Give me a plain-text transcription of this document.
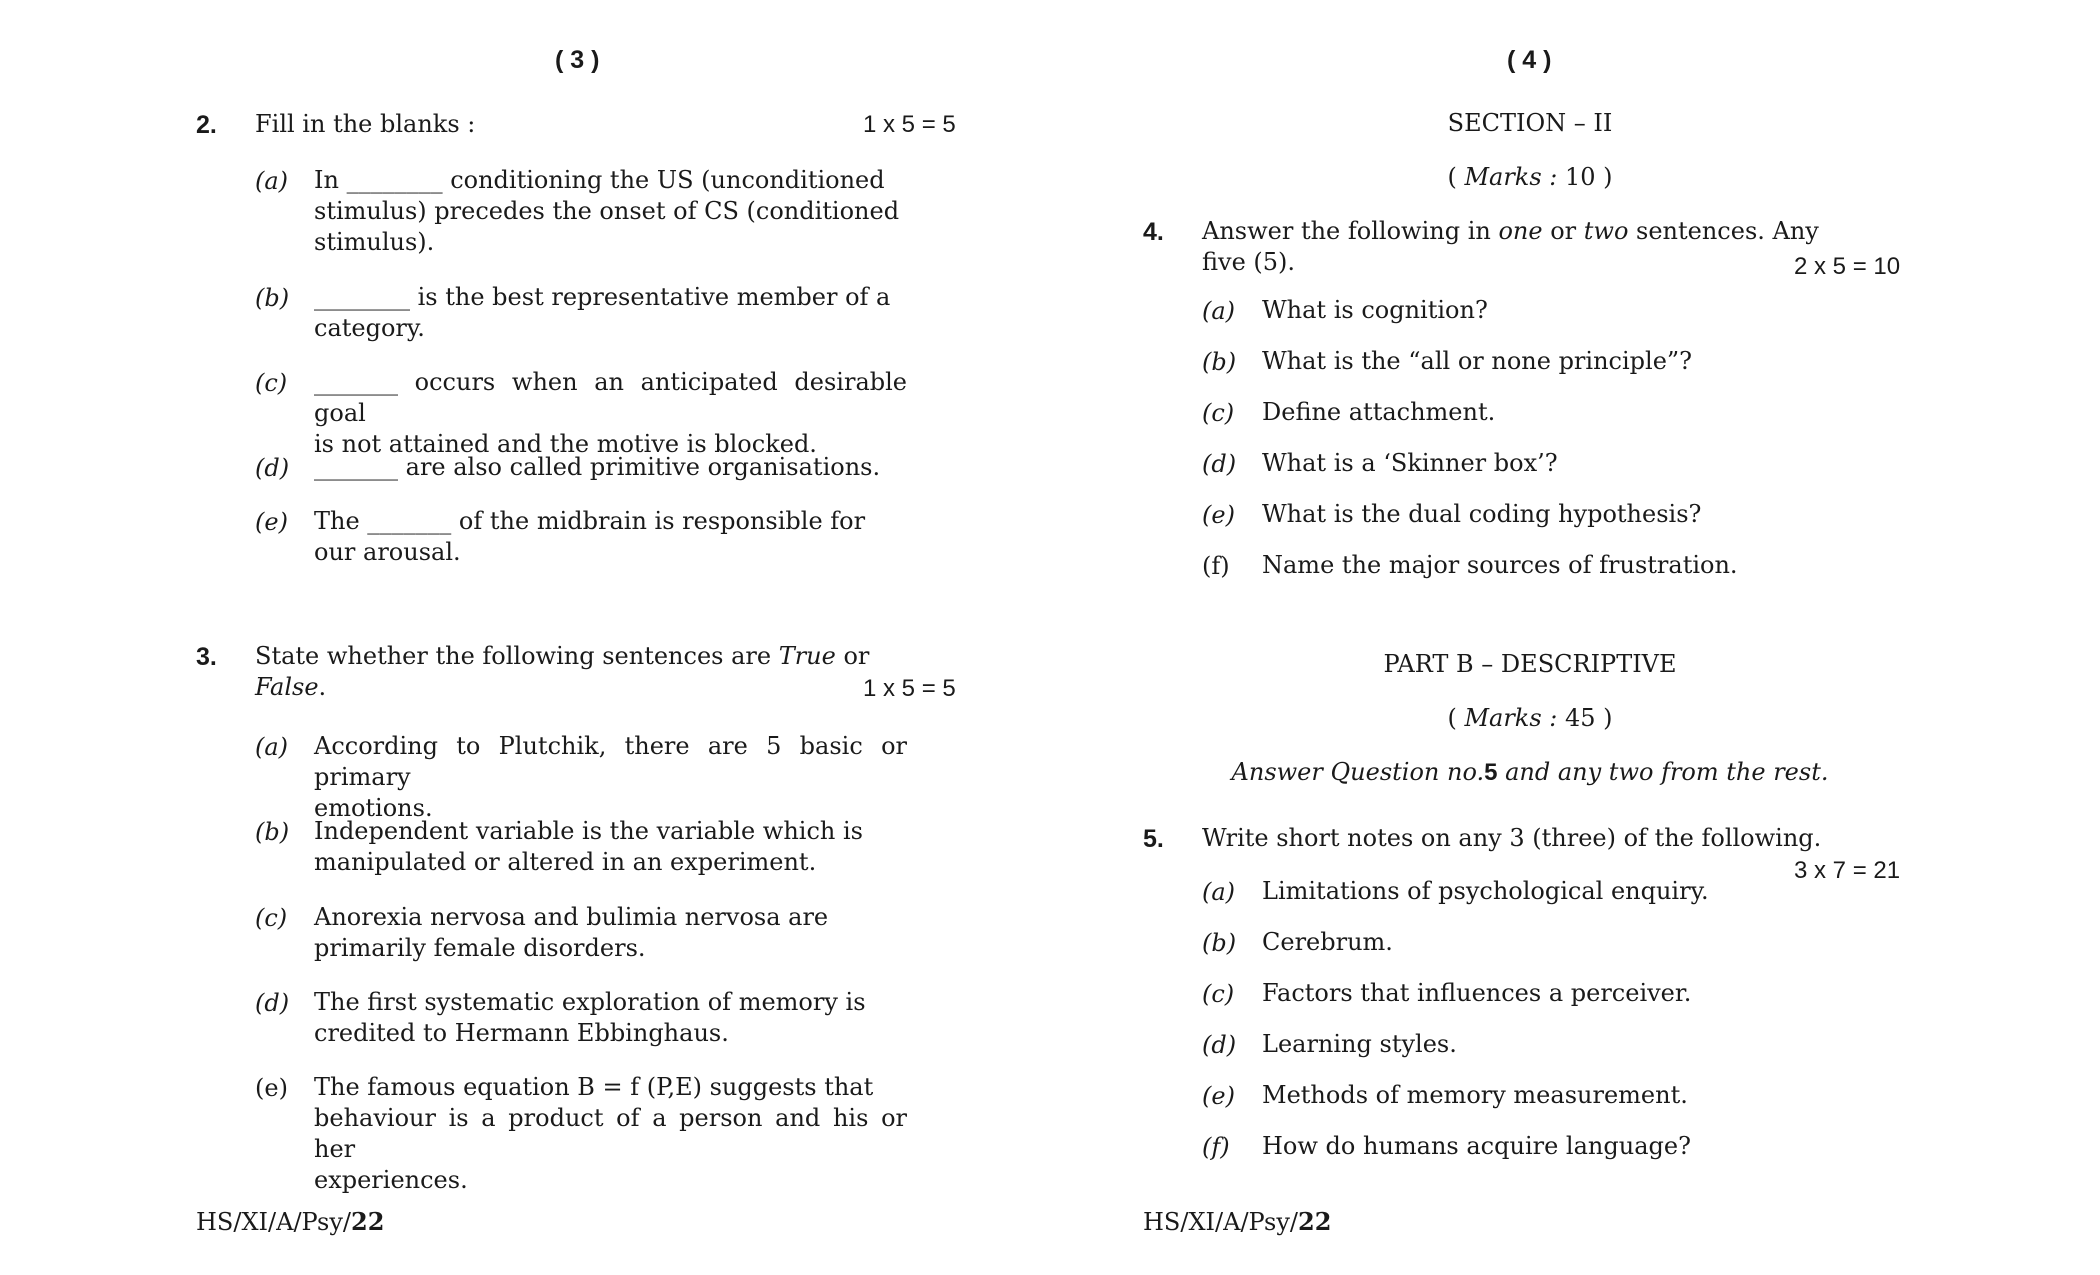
( 3 )
2. Fill in the blanks :	1 x 5 = 5
(a) In ________ conditioning the US (unconditioned
stimulus) precedes the onset of CS (conditioned
stimulus).
(b) ________ is the best representative member of a
category.
(c) _______ occurs when an anticipated desirable goal
is not attained and the motive is blocked.
(d) _______ are also called primitive organisations.
(e) The _______ of the midbrain is responsible for
our arousal.
3. State whether the following sentences are True or
False.	1 x 5 = 5
(a) According to Plutchik, there are 5 basic or primary
emotions.
(b) Independent variable is the variable which is
manipulated or altered in an experiment.
(c) Anorexia nervosa and bulimia nervosa are
primarily female disorders.
(d) The first systematic exploration of memory is
credited to Hermann Ebbinghaus.
(e) The famous equation B = f (P,E) suggests that
behaviour is a product of a person and his or her
experiences.
HS/XI/A/Psy/22
( 4 )
SECTION – II
( Marks : 10 )
4. Answer the following in one or two sentences. Any
five (5).	2 x 5 = 10
(a) What is cognition?
(b) What is the “all or none principle”?
(c) Define attachment.
(d) What is a ‘Skinner box’?
(e) What is the dual coding hypothesis?
(f) Name the major sources of frustration.
PART B – DESCRIPTIVE
( Marks : 45 )
Answer Question no.5 and any two from the rest.
5. Write short notes on any 3 (three) of the following.
3 x 7 = 21
(a) Limitations of psychological enquiry.
(b) Cerebrum.
(c) Factors that influences a perceiver.
(d) Learning styles.
(e) Methods of memory measurement.
(f) How do humans acquire language?
HS/XI/A/Psy/22
